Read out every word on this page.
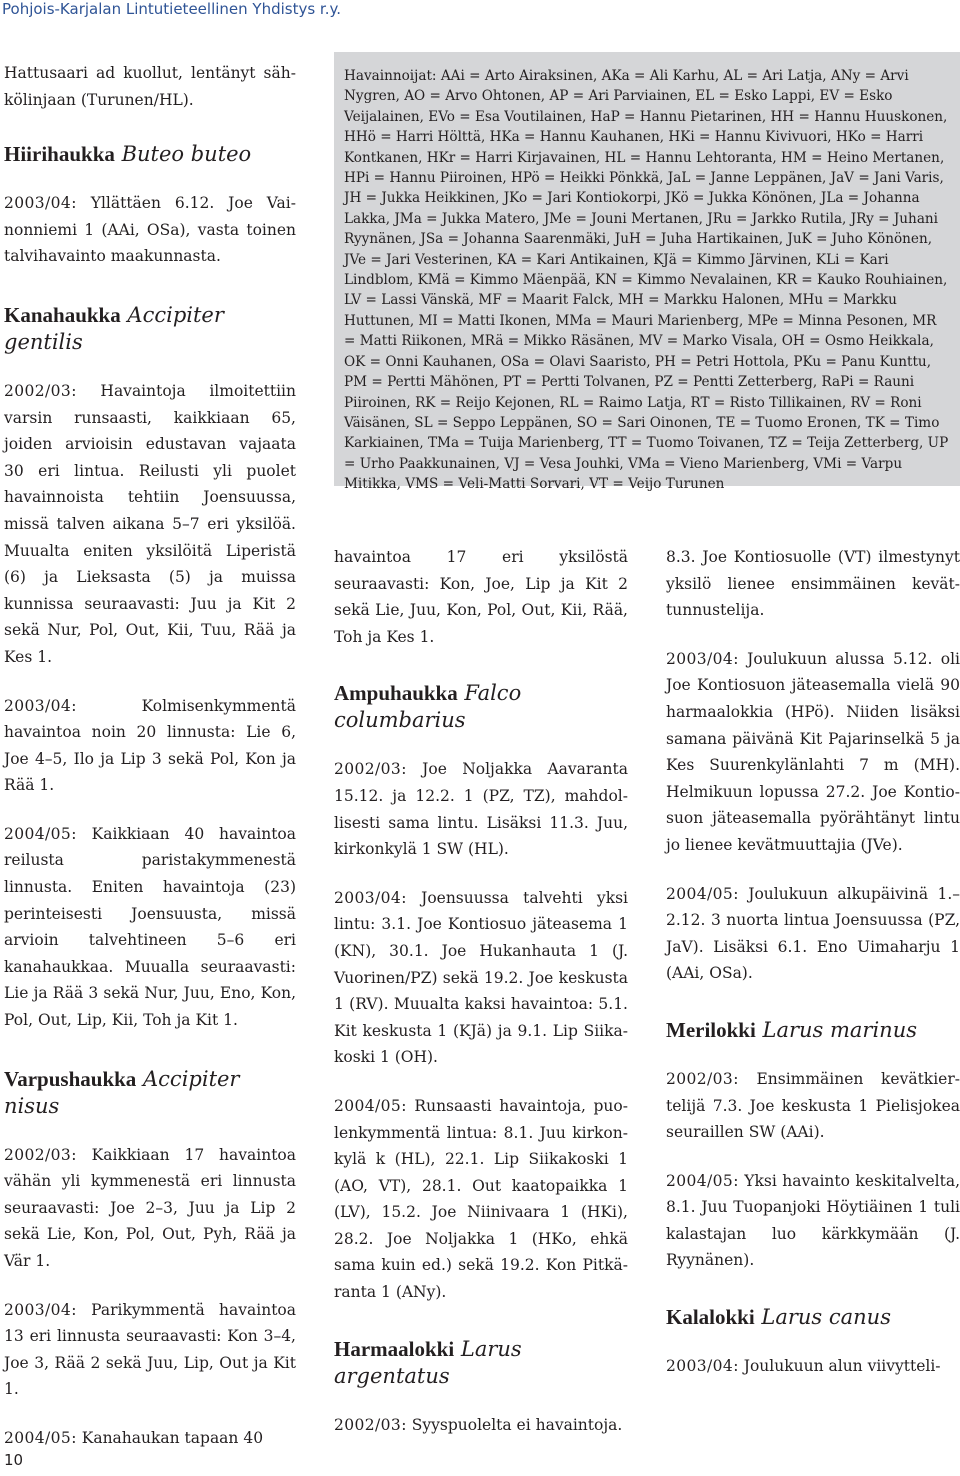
Pohjois-Karjalan Lintutieteellinen Yhdistys r.y.

Hattusaari ad kuollut, lentänyt sähkölinjaan (Turunen/HL).

Hiirihaukka Buteo buteo

2003/04: Yllättäen 6.12. Joe Vainonniemi 1 (AAi, OSa), vasta toinen talvihavainto maakunnasta.

Kanahaukka Accipiter gentilis

2002/03: Havaintoja ilmoitettiin varsin runsaasti, kaikkiaan 65, joiden arvioisin edustavan vajaata 30 eri lintua. Reilusti yli puolet havainnoista tehtiin Joensuussa, missä talven aikana 5–7 eri yksilöä. Muualta eniten yksilöitä Liperistä (6) ja Lieksasta (5) ja muissa kunnissa seuraavasti: Juu ja Kit 2 sekä Nur, Pol, Out, Kii, Tuu, Rää ja Kes 1.

2003/04: Kolmisenkymmentä havaintoa noin 20 linnusta: Lie 6, Joe 4–5, Ilo ja Lip 3 sekä Pol, Kon ja Rää 1.

2004/05: Kaikkiaan 40 havaintoa reilusta paristakymmenestä linnusta. Eniten havaintoja (23) perinteisesti Joensuusta, missä arvioin talvehtineen 5–6 eri kanahaukkaa. Muualla seuraavasti: Lie ja Rää 3 sekä Nur, Juu, Eno, Kon, Pol, Out, Lip, Kii, Toh ja Kit 1.

Varpushaukka Accipiter nisus

2002/03: Kaikkiaan 17 havaintoa vähän yli kymmenestä eri linnusta seuraavasti: Joe 2–3, Juu ja Lip 2 sekä Lie, Kon, Pol, Out, Pyh, Rää ja Vär 1.

2003/04: Parikymmentä havaintoa 13 eri linnusta seuraavasti: Kon 3–4, Joe 3, Rää 2 sekä Juu, Lip, Out ja Kit 1.

2004/05: Kanahaukan tapaan 40

Havainnoijat: AAi = Arto Airaksinen, AKa = Ali Karhu, AL = Ari Latja, ANy = Arvi Nygren, AO = Arvo Ohtonen, AP = Ari Parviainen, EL = Esko Lappi, EV = Esko Veijalainen, EVo = Esa Voutilainen, HaP = Hannu Pietarinen, HH = Hannu Huuskonen, HHö = Harri Hölttä, HKa = Hannu Kauhanen, HKi = Hannu Kivivuori, HKo = Harri Kontkanen, HKr = Harri Kirjavainen, HL = Hannu Lehtoranta, HM = Heino Mertanen, HPi = Hannu Piiroinen, HPö = Heikki Pönkkä, JaL = Janne Leppänen, JaV = Jani Varis, JH = Jukka Heikkinen, JKo = Jari Kontiokorpi, JKö = Jukka Könönen, JLa = Johanna Lakka, JMa = Jukka Matero, JMe = Jouni Mertanen, JRu = Jarkko Rutila, JRy = Juhani Ryynänen, JSa = Johanna Saarenmäki, JuH = Juha Hartikainen, JuK = Juho Könönen, JVe = Jari Vesterinen, KA = Kari Antikainen, KJä = Kimmo Järvinen, KLi = Kari Lindblom, KMä = Kimmo Mäenpää, KN = Kimmo Nevalainen, KR = Kauko Rouhiainen, LV = Lassi Vänskä, MF = Maarit Falck, MH = Markku Halonen, MHu = Markku Huttunen, MI = Matti Ikonen, MMa = Mauri Marienberg, MPe = Minna Pesonen, MR = Matti Riikonen, MRä = Mikko Räsänen, MV = Marko Visala, OH = Osmo Heikkala, OK = Onni Kauhanen, OSa = Olavi Saaristo, PH = Petri Hottola, PKu = Panu Kunttu, PM = Pertti Mähönen, PT = Pertti Tolvanen, PZ = Pentti Zetterberg, RaPi = Rauni Piiroinen, RK = Reijo Kejonen, RL = Raimo Latja, RT = Risto Tillikainen, RV = Roni Väisänen, SL = Seppo Leppänen, SO = Sari Oinonen, TE = Tuomo Eronen, TK = Timo Karkiainen, TMa = Tuija Marienberg, TT = Tuomo Toivanen, TZ = Teija Zetterberg, UP = Urho Paakkunainen, VJ = Vesa Jouhki, VMa = Vieno Marienberg, VMi = Varpu Mitikka, VMS = Veli-Matti Sorvari, VT = Veijo Turunen

havaintoa 17 eri yksilöstä seuraavasti: Kon, Joe, Lip ja Kit 2 sekä Lie, Juu, Kon, Pol, Out, Kii, Rää, Toh ja Kes 1.

Ampuhaukka Falco columbarius

2002/03: Joe Noljakka Aavaranta 15.12. ja 12.2. 1 (PZ, TZ), mahdollisesti sama lintu. Lisäksi 11.3. Juu, kirkonkylä 1 SW (HL).

2003/04: Joensuussa talvehti yksi lintu: 3.1. Joe Kontiosuo jäteasema 1 (KN), 30.1. Joe Hukanhauta 1 (J. Vuorinen/PZ) sekä 19.2. Joe keskusta 1 (RV). Muualta kaksi havaintoa: 5.1. Kit keskusta 1 (KJä) ja 9.1. Lip Siikakoski 1 (OH).

2004/05: Runsaasti havaintoja, puolenkymmentä lintua: 8.1. Juu kirkonkylä k (HL), 22.1. Lip Siikakoski 1 (AO, VT), 28.1. Out kaatopaikka 1 (LV), 15.2. Joe Niinivaara 1 (HKi), 28.2. Joe Noljakka 1 (HKo, ehkä sama kuin ed.) sekä 19.2. Kon Pitkäranta 1 (ANy).

Harmaalokki Larus argentatus

2002/03: Syyspuolelta ei havaintoja.

8.3. Joe Kontiosuolle (VT) ilmestynyt yksilö lienee ensimmäinen kevättunnustelija.

2003/04: Joulukuun alussa 5.12. oli Joe Kontiosuon jäteasemalla vielä 90 harmaalokkia (HPö). Niiden lisäksi samana päivänä Kit Pajarinselkä 5 ja Kes Suurenkylänlahti 7 m (MH). Helmikuun lopussa 27.2. Joe Kontiosuon jäteasemalla pyörähtänyt lintu jo lienee kevätmuuttajia (JVe).

2004/05: Joulukuun alkupäivinä 1.–2.12. 3 nuorta lintua Joensuussa (PZ, JaV). Lisäksi 6.1. Eno Uimaharju 1 (AAi, OSa).

Merilokki Larus marinus

2002/03: Ensimmäinen kevätkiertelijä 7.3. Joe keskusta 1 Pielisjokea seuraillen SW (AAi).

2004/05: Yksi havainto keskitalvelta, 8.1. Juu Tuopanjoki Höytiäinen 1 tuli kalastajan luo kärkkymään (J. Ryynänen).

Kalalokki Larus canus

2003/04: Joulukuun alun viivytteli-

10
